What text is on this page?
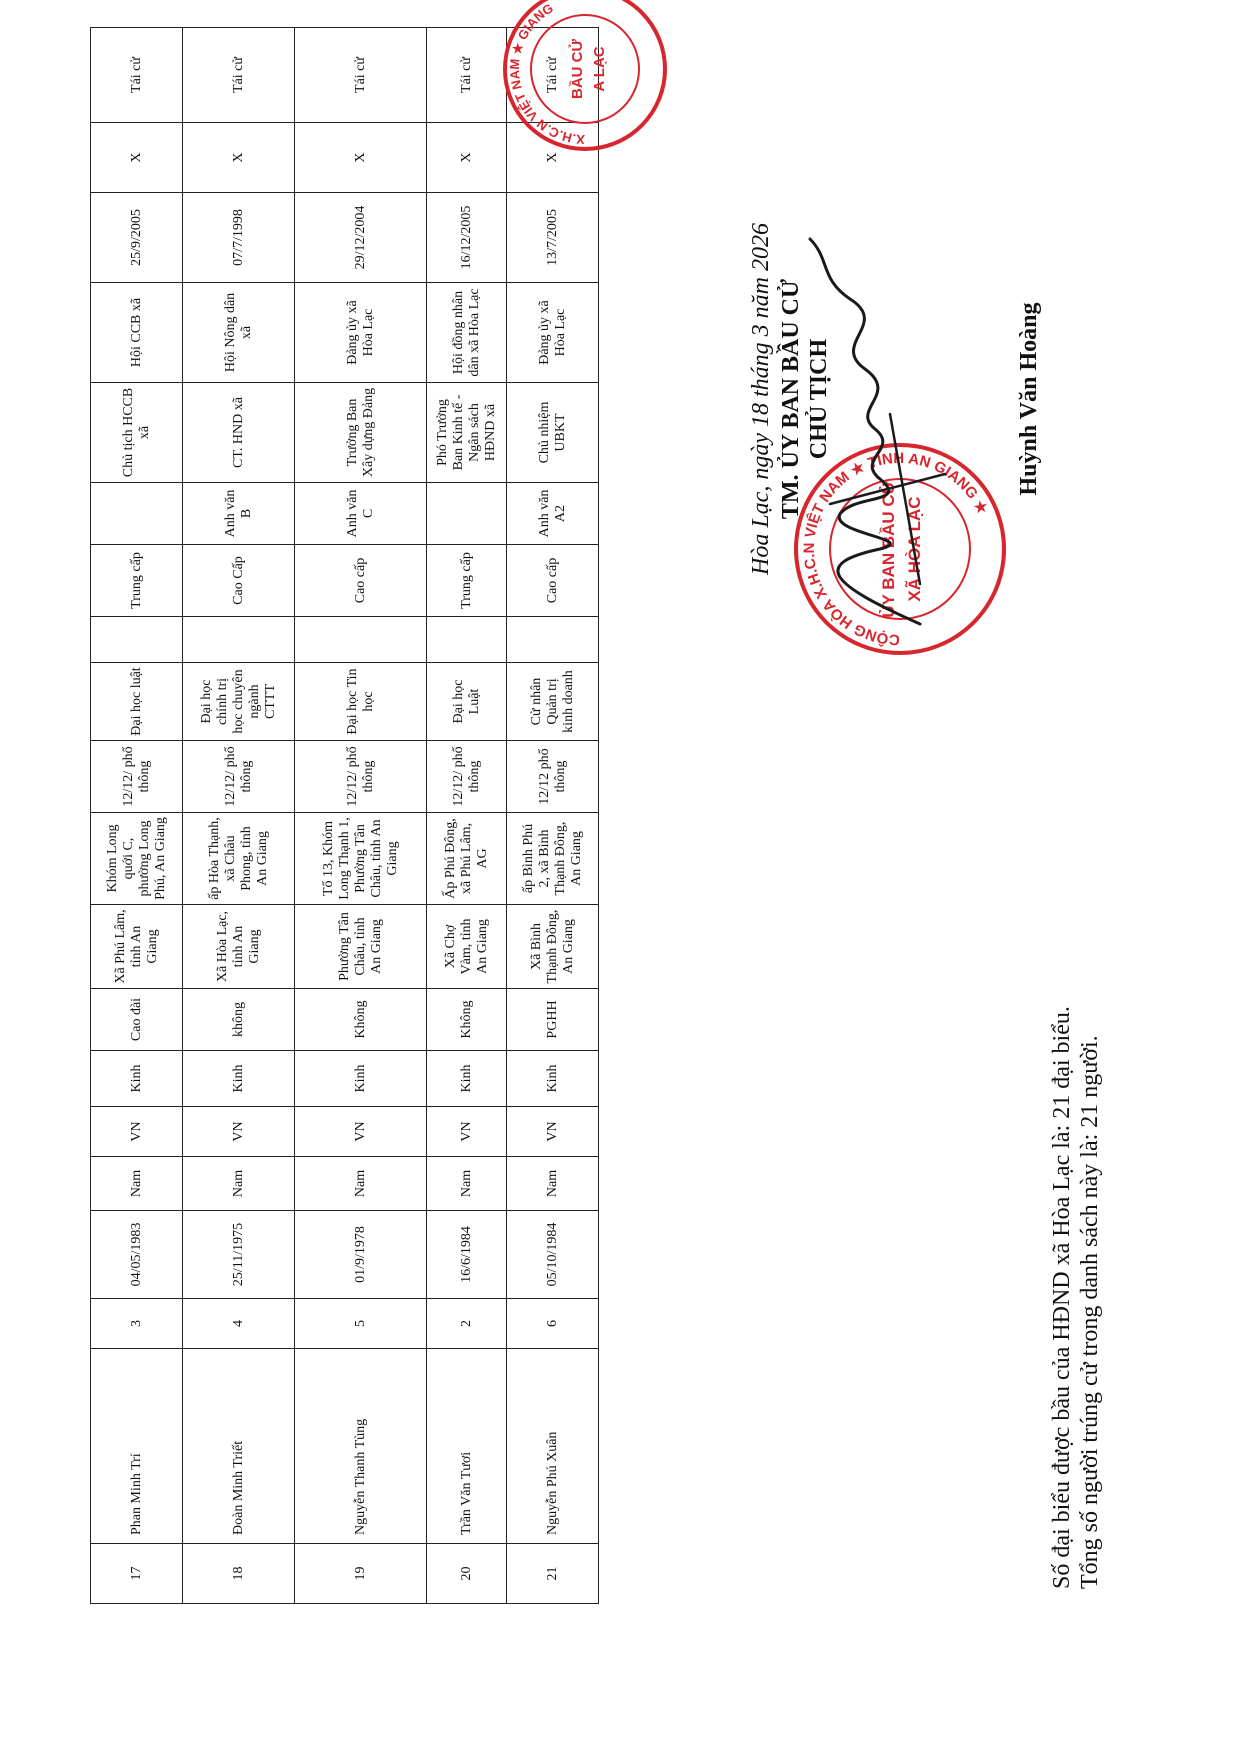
17	Phan Minh Trí	3	04/05/1983	Nam	VN	Kinh	Cao đài	Xã Phú Lâm, tỉnh An Giang	Khóm Long quới C, phường Long Phú, An Giang	12/12/ phổ thông	Đại học luật		Trung cấp		Chủ tịch HCCB xã	Hội CCB xã	25/9/2005	X	Tái cử
18	Đoàn Minh Triết	4	25/11/1975	Nam	VN	Kinh	không	Xã Hòa Lạc, tỉnh An Giang	ấp Hòa Thạnh, xã Châu Phong, tỉnh An Giang	12/12/ phổ thông	Đại học chính trị học chuyên ngành CTTT		Cao Cấp	Anh văn B	CT. HND xã	Hội Nông dân xã	07/7/1998	X	Tái cử
19	Nguyễn Thanh Tùng	5	01/9/1978	Nam	VN	Kinh	Không	Phường Tân Châu, tỉnh An Giang	Tổ 13, Khóm Long Thạnh 1, Phường Tân Châu, tỉnh An Giang	12/12/ phổ thông	Đại học Tin học		Cao cấp	Anh văn C	Trưởng Ban Xây dựng Đảng	Đảng ủy xã Hòa Lạc	29/12/2004	X	Tái cử
20	Trần Văn Tươi	2	16/6/1984	Nam	VN	Kinh	Không	Xã Chợ Vàm, tỉnh An Giang	Ấp Phú Đông, xã Phú Lâm, AG	12/12/ phổ thông	Đại học Luật		Trung cấp		Phó Trưởng Ban Kinh tế - Ngân sách HĐND xã	Hội đồng nhân dân xã Hòa Lạc	16/12/2005	X	Tái cử
21	Nguyễn Phú Xuân	6	05/10/1984	Nam	VN	Kinh	PGHH	Xã Bình Thạnh Đông, An Giang	ấp Bình Phú 2, xã Bình Thạnh Đông, An Giang	12/12 phổ thông	Cử nhân Quản trị kinh doanh		Cao cấp	Anh văn A2	Chủ nhiệm UBKT	Đảng ủy xã Hòa Lạc	13/7/2005	X	Tái cử
Số đại biểu được bầu của HĐND xã Hòa Lạc là: 21 đại biểu. Tổng số người trúng cử trong danh sách này là: 21 người.
Hòa Lạc, ngày 18 tháng 3 năm 2026 TM. ỦY BAN BẦU CỬ CHỦ TỊCH	Huỳnh Văn Hoàng
CỘNG HÒA X.H.C.N VIỆT NAM ★ TỈNH AN GIANG ★
ỦY BAN BẦU CỬ XÃ HÒA LẠC
X.H.C.N VIỆT NAM ★ GIANG
BẦU CỬ A LẠC
